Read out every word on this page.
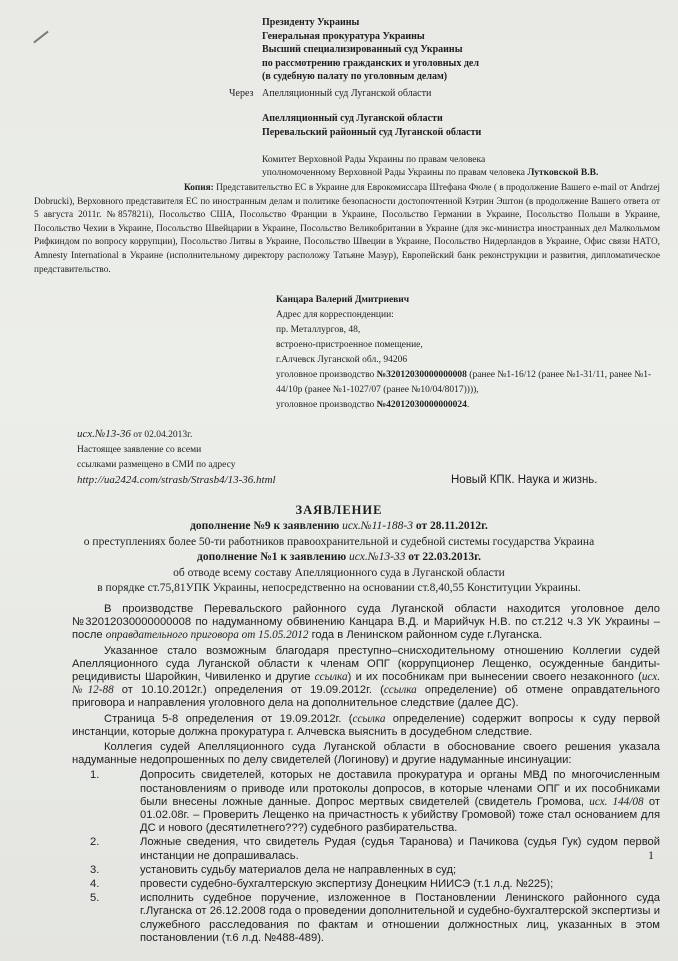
Президенту Украины
Генеральная прокуратура Украины
Высший специализированный суд Украины
по рассмотрению гражданских и уголовных дел
(в судебную палату по уголовным делам)
Через Апелляционный суд Луганской области
Апелляционный суд Луганской области
Перевальский районный суд Луганской области
Комитет Верховной Рады Украины по правам человека
уполномоченному Верховной Рады Украины по правам человека Лутковской В.В.
Копия: Представительство ЕС в Украине для Еврокомиссара Штефана Фюле ( в продолжение Вашего e-mail от Andrzej Dobrucki), Верховного представителя ЕС по иностранным делам и политике безопасности достопочтенной Кэтрин Эштон (в продолжение Вашего ответа от 5 августа 2011г. №857821i), Посольство США, Посольство Франции в Украине, Посольство Германии в Украине, Посольство Польши в Украине, Посольство Чехии в Украине, Посольство Швейцарии в Украине, Посольство Великобритании в Украине (для экс-министра иностранных дел Малкольмом Рифкиндом по вопросу коррупции), Посольство Литвы в Украине, Посольство Швеции в Украине, Посольство Нидерландов в Украине, Офис связи НАТО, Amnesty International в Украине (исполнительному директору расположу Татьяне Мазур), Европейский банк реконструкции и развития, дипломатическое представительство.
Канцара Валерий Дмитриевич
Адрес для корреспонденции:
пр. Металлургов, 48,
встроено-пристроенное помещение,
г.Алчевск Луганской обл., 94206
уголовное производство №32012030000000008 (ранее №1-16/12 (ранее №1-31/11, ранее №1-44/10р (ранее №1-1027/07 (ранее №10/04/8017)))),
уголовное производство №42012030000000024.
исх.№13-36 от 02.04.2013г.
Настоящее заявление со всеми
ссылками размещено в СМИ по адресу
http://ua2424.com/strasb/Strasb4/13-36.html	Новый КПК. Наука и жизнь.
ЗАЯВЛЕНИЕ
дополнение №9 к заявлению исх.№11-188-3 от 28.11.2012г.
о преступлениях более 50-ти работников правоохранительной и судебной системы государства Украина
дополнение №1 к заявлению исх.№13-33 от 22.03.2013г.
об отводе всему составу Апелляционного суда в Луганской области
в порядке ст.75,81УПК Украины, непосредственно на основании ст.8,40,55 Конституции Украины.

В производстве Перевальского районного суда Луганской области находится уголовное дело №32012030000000008 по надуманному обвинению Канцара В.Д. и Марийчук Н.В. по ст.212 ч.3 УК Украины – после оправдательного приговора от 15.05.2012 года в Ленинском районном суде г.Луганска.

Указанное стало возможным благодаря преступно–снисходительному отношению Коллегии судей Апелляционного суда Луганской области к членам ОПГ (коррупционер Лещенко, осужденные бандиты-рецидивисты Шаройкин, Чивиленко и другие ссылка) и их пособникам при вынесении своего незаконного (исх.№12-88 от 10.10.2012г.) определения от 19.09.2012г. (ссылка определение) об отмене оправдательного приговора и направления уголовного дела на дополнительное следствие (далее ДС).

Страница 5-8 определения от 19.09.2012г. (ссылка определение) содержит вопросы к суду первой инстанции, которые должна прокуратура г. Алчевска выяснить в досудебном следствие.

Коллегия судей Апелляционного суда Луганской области в обоснование своего решения указала надуманные недопрошенных по делу свидетелей (Логинову) и другие надуманные инсинуации:

1.	Допросить свидетелей, которых не доставила прокуратура и органы МВД по многочисленным постановлениям о приводе или протоколы допросов, в которые членами ОПГ и их пособниками были внесены ложные данные. Допрос мертвых свидетелей (свидетель Громова, исх. 144/08 от 01.02.08г. – Проверить Лещенко на причастность к убийству Громовой) тоже стал основанием для ДС и нового (десятилетнего???) судебного разбирательства.
2.	Ложные сведения, что свидетель Рудая (судья Таранова) и Пачикова (судья Гук) судом первой инстанции не допрашивалась.
3.	установить судьбу материалов дела не направленных в суд;
4.	провести судебно-бухгалтерскую экспертизу Донецким НИИСЭ (т.1 л.д. №225);
5.	исполнить судебное поручение, изложенное в Постановлении Ленинского районного суда г.Луганска от 26.12.2008 года о проведении дополнительной и судебно-бухгалтерской экспертизы и служебного расследования по фактам и отношении должностных лиц, указанных в этом постановлении (т.6 л.д. №488-489).
1
